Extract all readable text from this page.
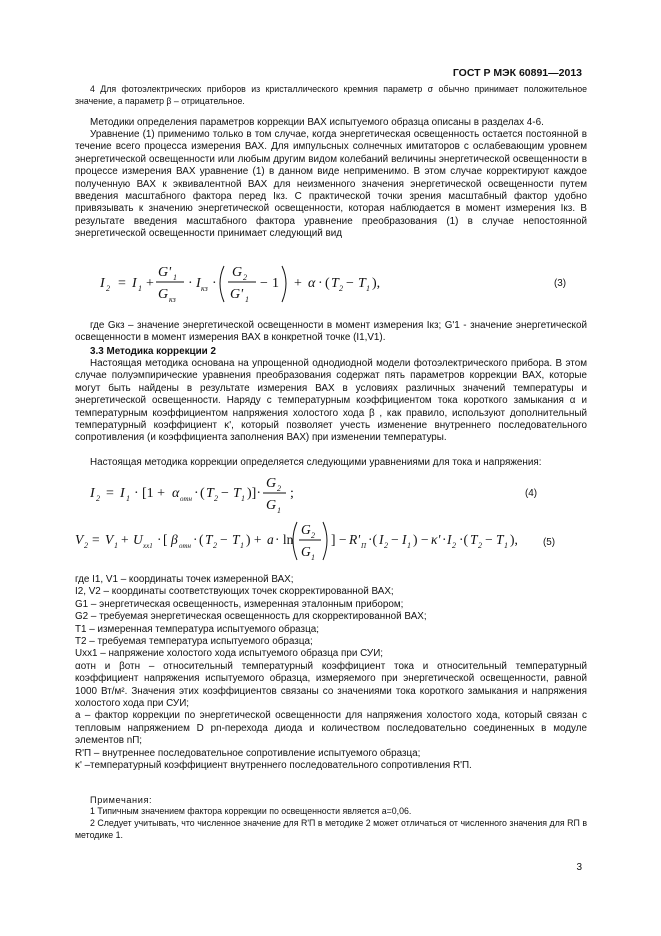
ГОСТ Р МЭК 60891—2013

4 Для фотоэлектрических приборов из кристаллического кремния параметр σ обычно принимает положительное значение, а параметр β – отрицательное.

Методики определения параметров коррекции ВАХ испытуемого образца описаны в разделах 4-6.

Уравнение (1) применимо только в том случае, когда энергетическая освещенность остается постоянной в течение всего процесса измерения ВАХ. Для импульсных солнечных имитаторов с ослабевающим уровнем энергетической освещенности или любым другим видом колебаний величины энергетической освещенности в процессе измерения ВАХ уравнение (1) в данном виде неприменимо. В этом случае корректируют каждое полученную ВАХ к эквивалентной ВАХ для неизменного значения энергетической освещенности путем введения масштабного фактора перед Iкз. С практической точки зрения масштабный фактор удобно привязывать к значению энергетической освещенности, которая наблюдается в момент измерения Iкз. В результате введения масштабного фактора уравнение преобразования (1) в случае непостоянной энергетической освещенности принимает следующий вид

I 2 = I 1 +
G' 1
G кз
· I кз ·
G 2
G' 1
− 1 + α · ( T 2 − T 1 ),	(3)

где Gкз – значение энергетической освещенности в момент измерения Iкз; G'1 - значение энергетической освещенности в момент измерения ВАХ в конкретной точке (I1,V1).

3.3 Методика коррекции 2

Настоящая методика основана на упрощенной однодиодной модели фотоэлектрического прибора. В этом случае полуэмпирические уравнения преобразования содержат пять параметров коррекции ВАХ, которые могут быть найдены в результате измерения ВАХ в условиях различных значений температуры и энергетической освещенности. Наряду с температурным коэффициентом тока короткого замыкания α и температурным коэффициентом напряжения холостого хода β , как правило, используют дополнительный температурный коэффициент κ', который позволяет учесть изменение внутреннего последовательного сопротивления (и коэффициента заполнения ВАХ) при изменении температуры.

Настоящая методика коррекции определяется следующими уравнениями для тока и напряжения:

I 2 = I 1 · [1 + α отн · ( T 2 − T 1 )]·
G 2
G 1
;	(4)
V 2 = V 1 + U хх1 · [ β отн · ( T 2 − T 1 ) + a · ln
G 2
G 1
] − R' П ·( I 2 − I 1 ) − κ' · I 2 ·( T 2 − T 1 ),	(5)
где I1, V1 – координаты точек измеренной ВАХ;
I2, V2 – координаты соответствующих точек скорректированной ВАХ;
G1 – энергетическая освещенность, измеренная эталонным прибором;
G2 – требуемая энергетическая освещенность для скорректированной ВАХ;
T1 – измеренная температура испытуемого образца;
T2 – требуемая температура испытуемого образца;
Uхх1 – напряжение холостого хода испытуемого образца при СУИ;
αотн и βотн – относительный температурный коэффициент тока и относительный температурный коэффициент напряжения испытуемого образца, измеряемого при энергетической освещенности, равной 1000 Вт/м². Значения этих коэффициентов связаны со значениями тока короткого замыкания и напряжения холостого хода при СУИ;
a – фактор коррекции по энергетической освещенности для напряжения холостого хода, который связан с тепловым напряжением D pn-перехода диода и количеством последовательно соединенных в модуле элементов nП;
R'П – внутреннее последовательное сопротивление испытуемого образца;
κ' –температурный коэффициент внутреннего последовательного сопротивления R'П.
Примечания:

1 Типичным значением фактора коррекции по освещенности является a=0,06.

2 Следует учитывать, что численное значение для R'П в методике 2 может отличаться от численного значения для RП в методике 1.

3
